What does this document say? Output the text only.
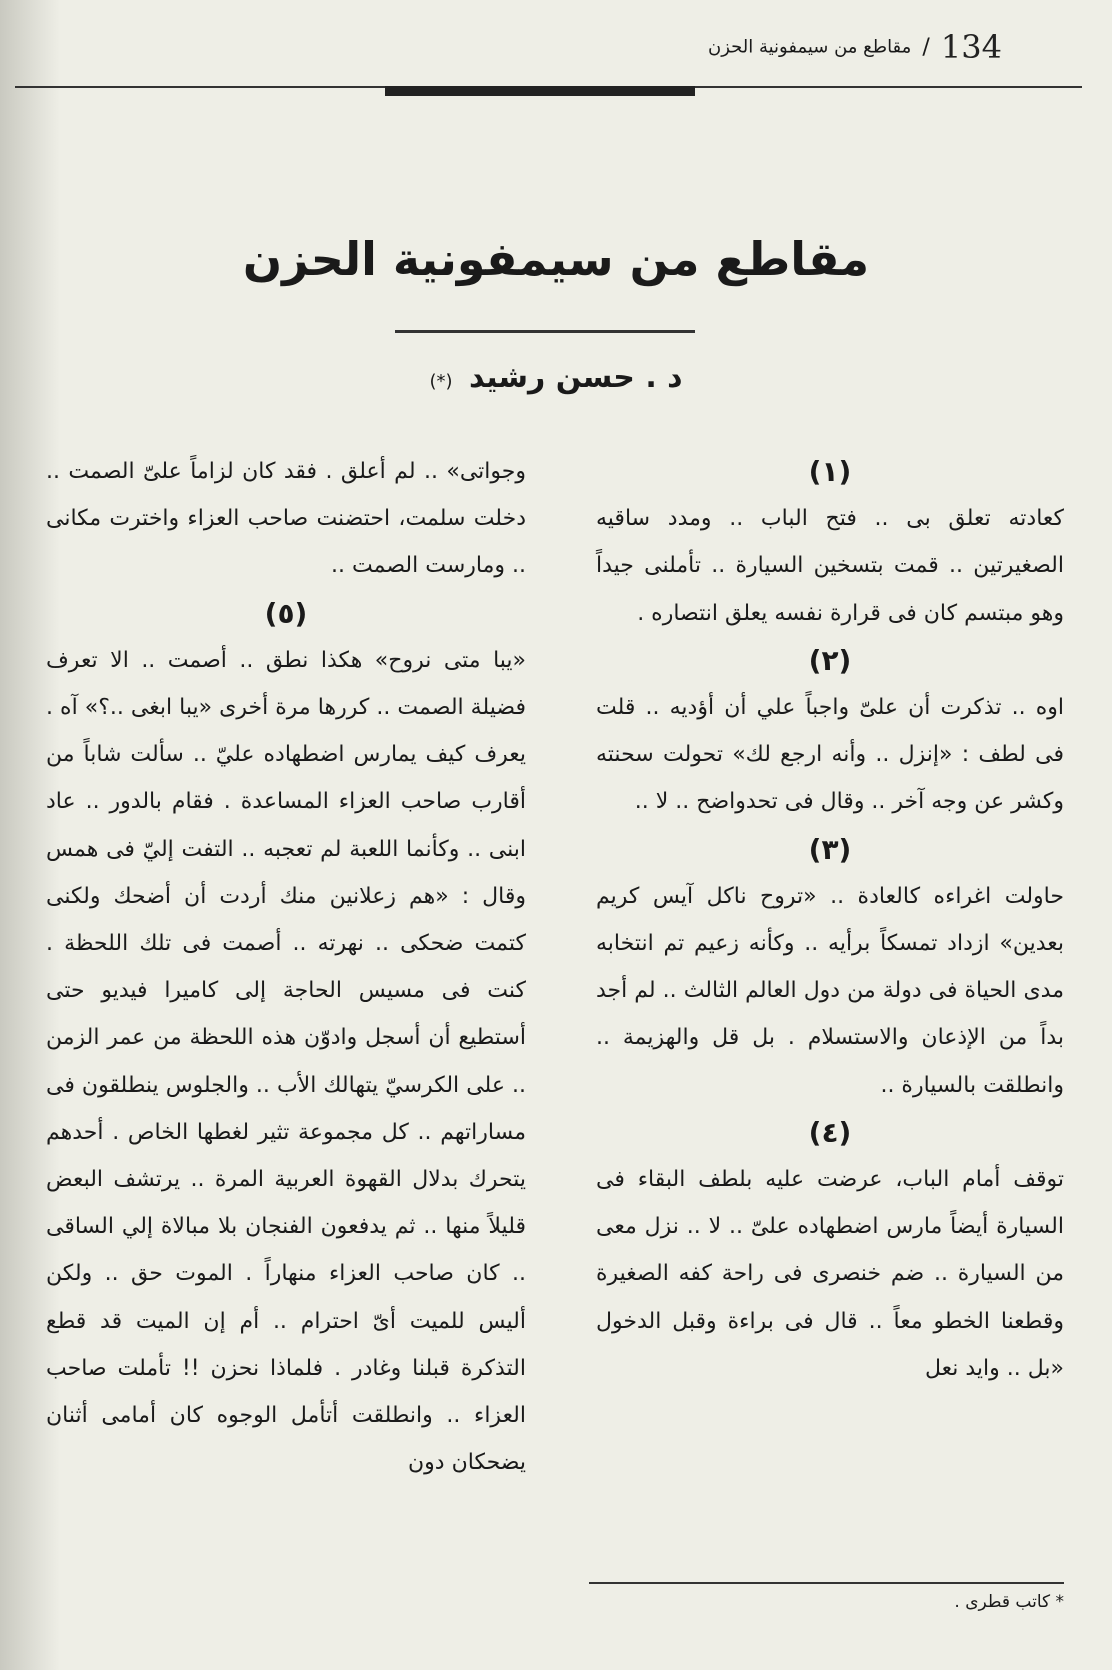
134 / مقاطع من سيمفونية الحزن
مقاطع من سيمفونية الحزن
د . حسن رشيد (*)
(١)

كعادته تعلق بى .. فتح الباب .. ومدد ساقيه الصغيرتين .. قمت بتسخين السيارة .. تأملنى جيداً وهو مبتسم كان فى قرارة نفسه يعلق انتصاره .

(٢)

اوه .. تذكرت أن علىّ واجباً علي أن أؤديه .. قلت فى لطف : «إنزل .. وأنه ارجع لك» تحولت سحنته وكشر عن وجه آخر .. وقال فى تحدواضح .. لا ..

(٣)

حاولت اغراءه كالعادة .. «تروح ناكل آيس كريم بعدين» ازداد تمسكاً برأيه .. وكأنه زعيم تم انتخابه مدى الحياة فى دولة من دول العالم الثالث .. لم أجد بداً من الإذعان والاستسلام . بل قل والهزيمة .. وانطلقت بالسيارة ..

(٤)

توقف أمام الباب، عرضت عليه بلطف البقاء فى السيارة أيضاً مارس اضطهاده علىّ .. لا .. نزل معى من السيارة .. ضم خنصرى فى راحة كفه الصغيرة وقطعنا الخطو معاً .. قال فى براءة وقبل الدخول «بل .. وايد نعل

وجواتى» .. لم أعلق . فقد كان لزاماً علىّ الصمت .. دخلت سلمت، احتضنت صاحب العزاء واخترت مكانى .. ومارست الصمت ..

(٥)

«يبا متى نروح» هكذا نطق .. أصمت .. الا تعرف فضيلة الصمت .. كررها مرة أخرى «يبا ابغى ..؟» آه . يعرف كيف يمارس اضطهاده عليّ .. سألت شاباً من أقارب صاحب العزاء المساعدة . فقام بالدور .. عاد ابنى .. وكأنما اللعبة لم تعجبه .. التفت إليّ فى همس وقال : «هم زعلانين منك أردت أن أضحك ولكنى كتمت ضحكى .. نهرته .. أصمت فى تلك اللحظة . كنت فى مسيس الحاجة إلى كاميرا فيديو حتى أستطيع أن أسجل وادوّن هذه اللحظة من عمر الزمن .. على الكرسيّ يتهالك الأب .. والجلوس ينطلقون فى مساراتهم .. كل مجموعة تثير لغطها الخاص . أحدهم يتحرك بدلال القهوة العربية المرة .. يرتشف البعض قليلاً منها .. ثم يدفعون الفنجان بلا مبالاة إلي الساقى .. كان صاحب العزاء منهاراً . الموت حق .. ولكن أليس للميت أىّ احترام .. أم إن الميت قد قطع التذكرة قبلنا وغادر . فلماذا نحزن !! تأملت صاحب العزاء .. وانطلقت أتأمل الوجوه كان أمامى أثنان يضحكان دون

* كاتب قطرى .
